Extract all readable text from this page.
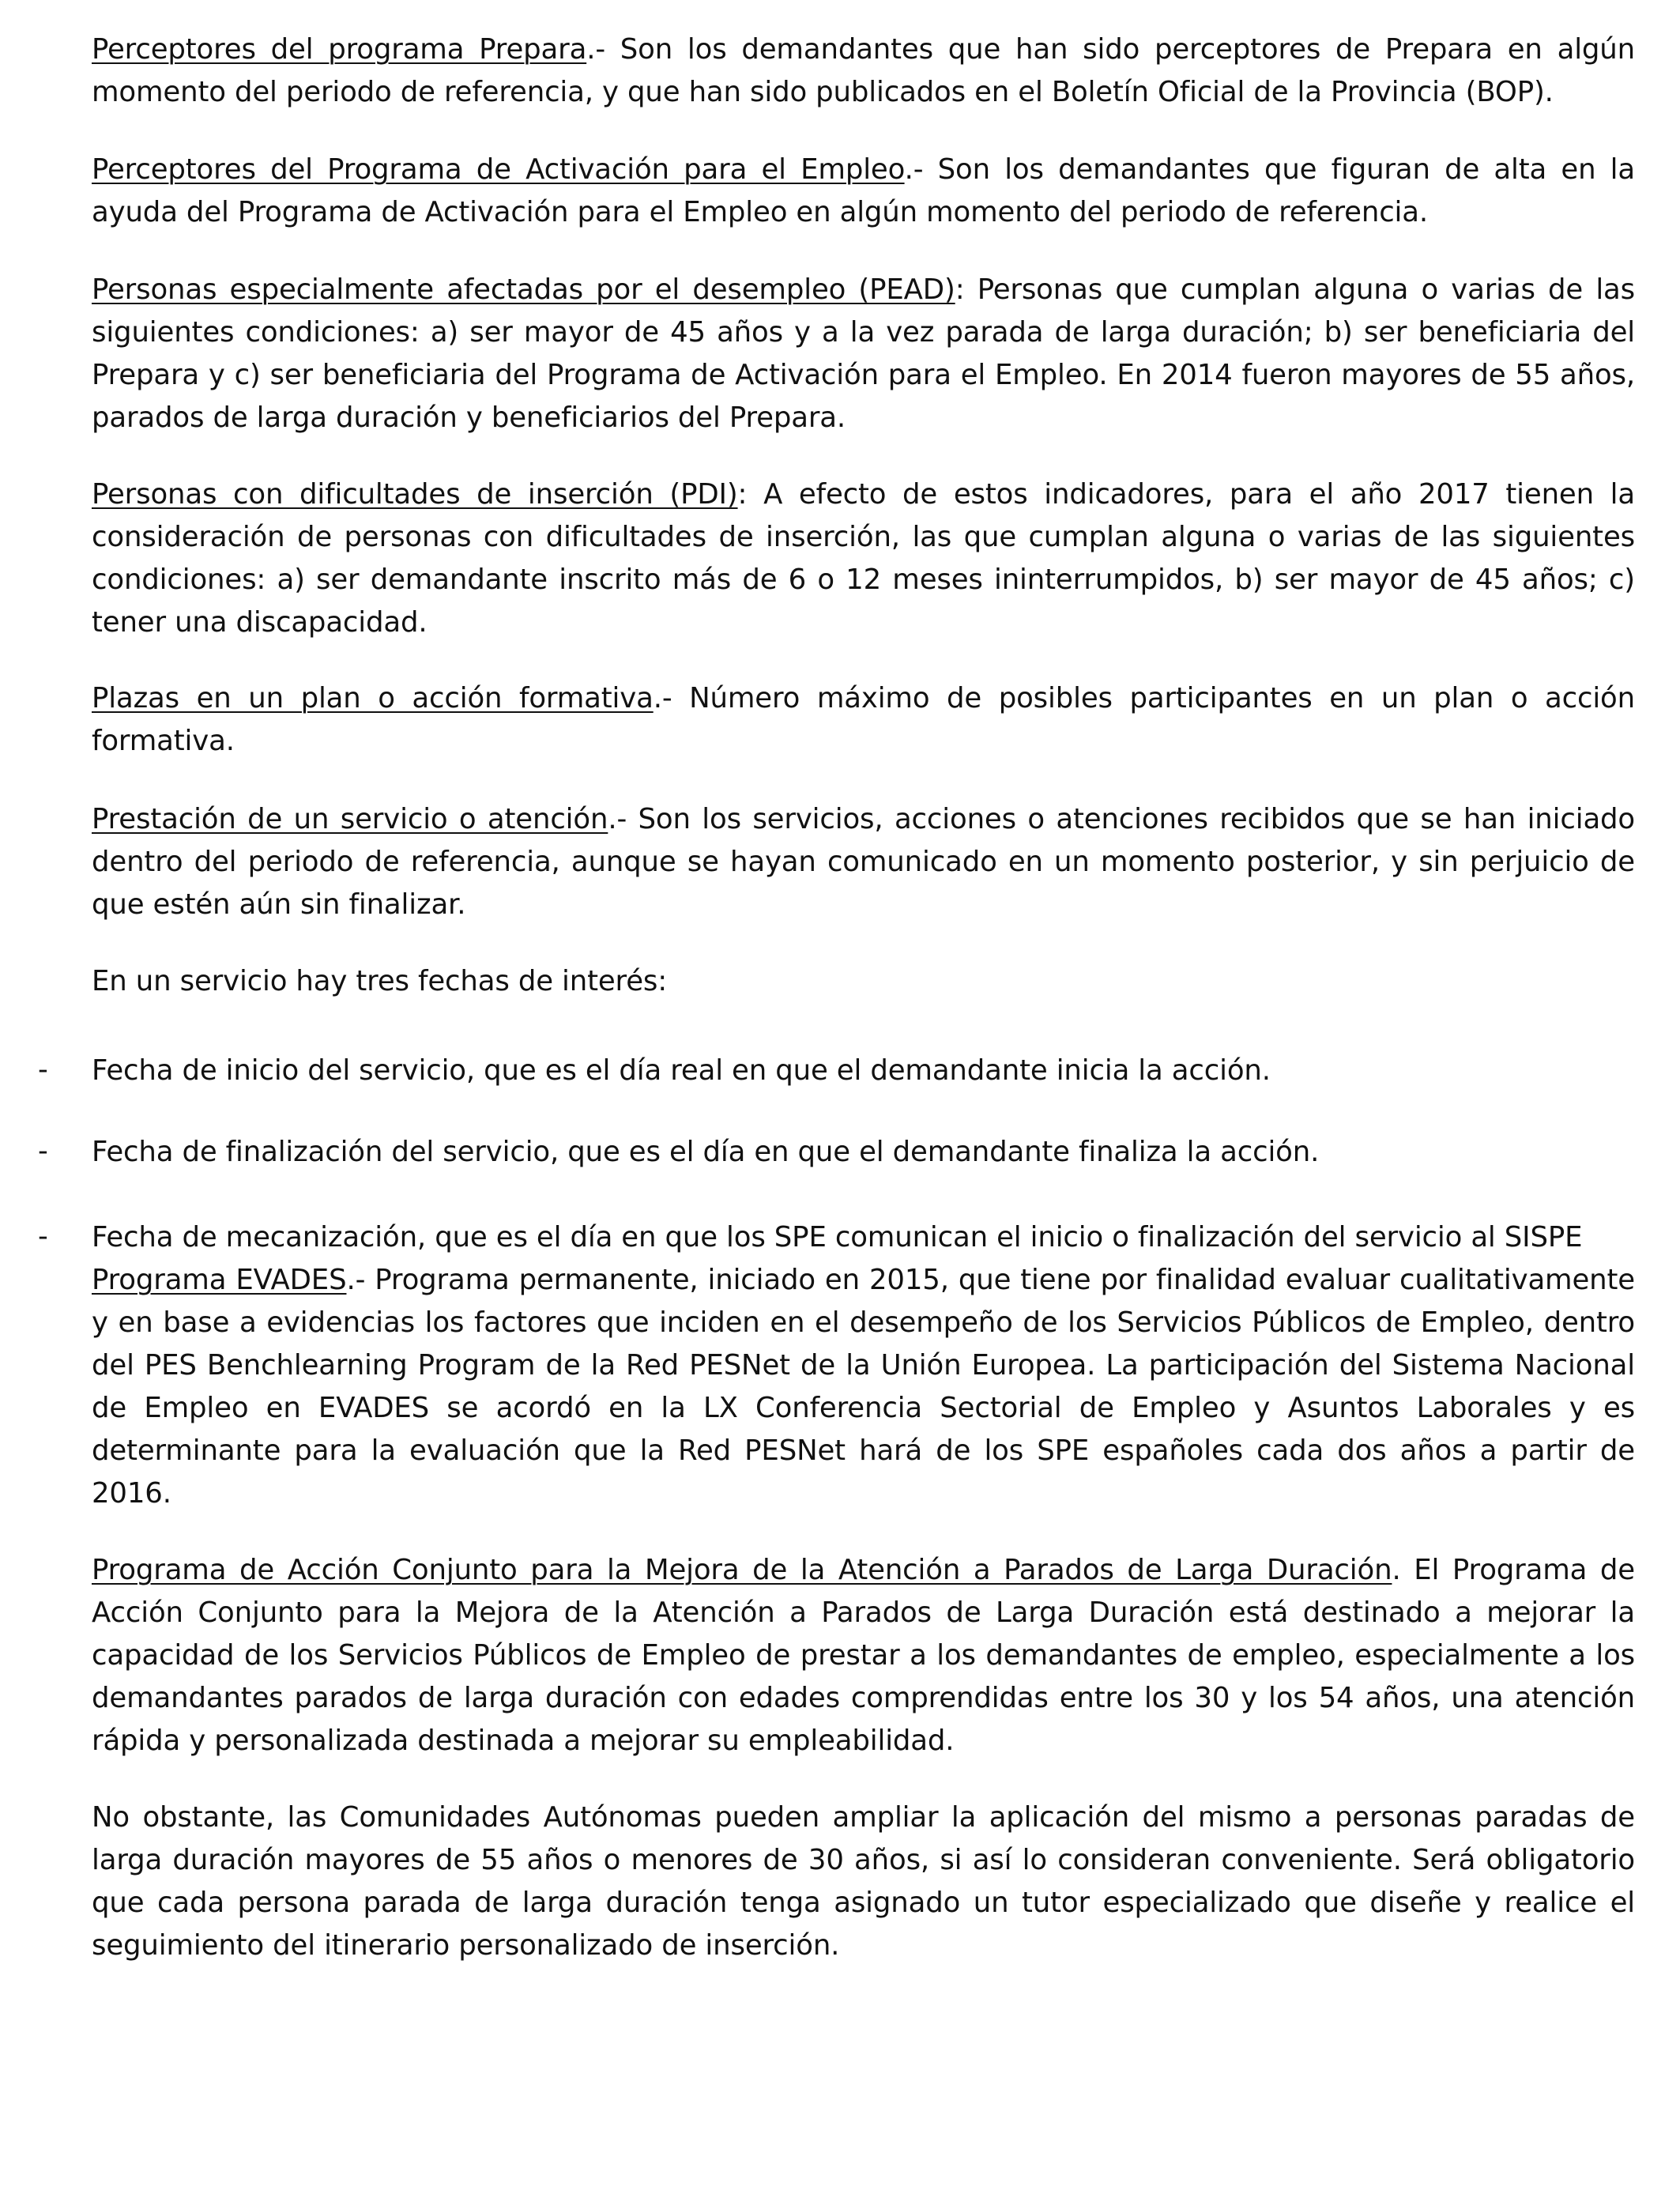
Perceptores del programa Prepara.- Son los demandantes que han sido perceptores de Prepara en algún momento del periodo de referencia, y que han sido publicados en el Boletín Oficial de la Provincia (BOP).

Perceptores del Programa de Activación para el Empleo.- Son los demandantes que figuran de alta en la ayuda del Programa de Activación para el Empleo en algún momento del periodo de referencia.

Personas especialmente afectadas por el desempleo (PEAD): Personas que cumplan alguna o varias de las siguientes condiciones: a) ser mayor de 45 años y a la vez parada de larga duración; b) ser beneficiaria del Prepara y c) ser beneficiaria del Programa de Activación para el Empleo. En 2014 fueron mayores de 55 años, parados de larga duración y beneficiarios del Prepara.

Personas con dificultades de inserción (PDI): A efecto de estos indicadores, para el año 2017 tienen la consideración de personas con dificultades de inserción, las que cumplan alguna o varias de las siguientes condiciones: a) ser demandante inscrito más de 6 o 12 meses ininterrumpidos, b) ser mayor de 45 años; c) tener una discapacidad.

Plazas en un plan o acción formativa.- Número máximo de posibles participantes en un plan o acción formativa.

Prestación de un servicio o atención.- Son los servicios, acciones o atenciones recibidos que se han iniciado dentro del periodo de referencia, aunque se hayan comunicado en un momento posterior, y sin perjuicio de que estén aún sin finalizar.

En un servicio hay tres fechas de interés:

-	Fecha de inicio del servicio, que es el día real en que el demandante inicia la acción.

-	Fecha de finalización del servicio, que es el día en que el demandante finaliza la acción.

-	Fecha de mecanización, que es el día en que los SPE comunican el inicio o finalización del servicio al SISPE

Programa EVADES.- Programa permanente, iniciado en 2015, que tiene por finalidad evaluar cualitativamente y en base a evidencias los factores que inciden en el desempeño de los Servicios Públicos de Empleo, dentro del PES Benchlearning Program de la Red PESNet de la Unión Europea. La participación del Sistema Nacional de Empleo en EVADES se acordó en la LX Conferencia Sectorial de Empleo y Asuntos Laborales y es determinante para la evaluación que la Red PESNet hará de los SPE españoles cada dos años a partir de 2016.

Programa de Acción Conjunto para la Mejora de la Atención a Parados de Larga Duración. El Programa de Acción Conjunto para la Mejora de la Atención a Parados de Larga Duración está destinado a mejorar la capacidad de los Servicios Públicos de Empleo de prestar a los demandantes de empleo, especialmente a los demandantes parados de larga duración con edades comprendidas entre los 30 y los 54 años, una atención rápida y personalizada destinada a mejorar su empleabilidad.

No obstante, las Comunidades Autónomas pueden ampliar la aplicación del mismo a personas paradas de larga duración mayores de 55 años o menores de 30 años, si así lo consideran conveniente. Será obligatorio que cada persona parada de larga duración tenga asignado un tutor especializado que diseñe y realice el seguimiento del itinerario personalizado de inserción.
